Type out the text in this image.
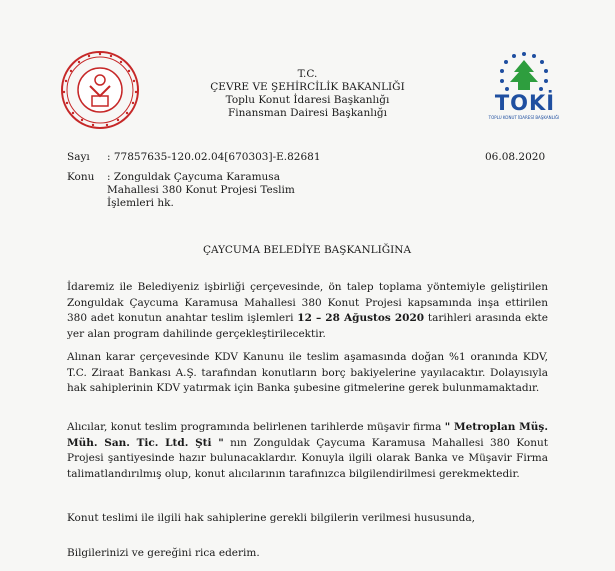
TOKİ
TOPLU KONUT İDARESİ BAŞKANLIĞI
T.C.
ÇEVRE VE ŞEHİRCİLİK BAKANLIĞI
Toplu Konut İdaresi Başkanlığı
Finansman Dairesi Başkanlığı
Sayı : 77857635-120.02.04[670303]-E.82681	06.08.2020
Konu : Zonguldak Çaycuma Karamusa Mahallesi 380 Konut Projesi Teslim İşlemleri hk.
ÇAYCUMA BELEDİYE BAŞKANLIĞINA
İdaremiz ile Belediyeniz işbirliği çerçevesinde, ön talep toplama yöntemiyle geliştirilen Zonguldak Çaycuma Karamusa Mahallesi 380 Konut Projesi kapsamında inşa ettirilen 380 adet konutun anahtar teslim işlemleri 12 – 28 Ağustos 2020 tarihleri arasında ekte yer alan program dahilinde gerçekleştirilecektir.
Alınan karar çerçevesinde KDV Kanunu ile teslim aşamasında doğan %1 oranında KDV, T.C. Ziraat Bankası A.Ş. tarafından konutların borç bakiyelerine yayılacaktır. Dolayısıyla hak sahiplerinin KDV yatırmak için Banka şubesine gitmelerine gerek bulunmamaktadır.
Alıcılar, konut teslim programında belirlenen tarihlerde müşavir firma " Metroplan Müş. Müh. San. Tic. Ltd. Şti " nın Zonguldak Çaycuma Karamusa Mahallesi 380 Konut Projesi şantiyesinde hazır bulunacaklardır. Konuyla ilgili olarak Banka ve Müşavir Firma talimatlandırılmış olup, konut alıcılarının tarafınızca bilgilendirilmesi gerekmektedir.
Konut teslimi ile ilgili hak sahiplerine gerekli bilgilerin verilmesi hususunda,
Bilgilerinizi ve gereğini rica ederim.
